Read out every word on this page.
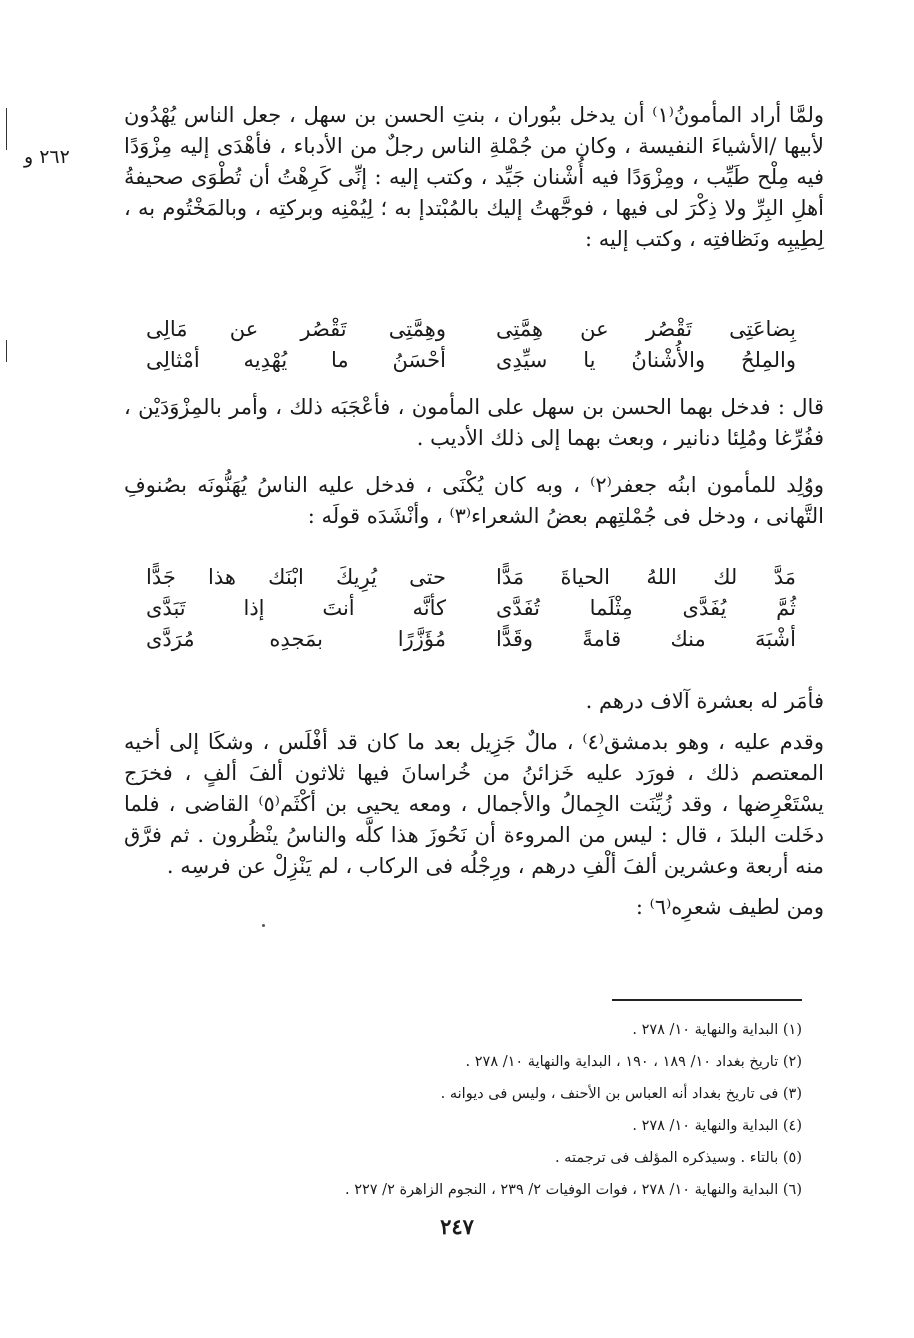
٢٦٢ و

ولمَّا أراد المأمونُ⁽١⁾ أن يدخل ببُوران ، بنتِ الحسن بن سهل ، جعل الناس يُهْدُون لأبيها /الأشياءَ النفيسة ، وكان من جُمْلةِ الناس رجلٌ من الأدباء ، فأهْدَى إليه مِزْوَدًا فيه مِلْح طَيِّب ، ومِزْوَدًا فيه أُشْنان جَيِّد ، وكتب إليه : إنِّى كَرِهْتُ أن تُطْوَى صحيفةُ أهلِ البِرِّ ولا ذِكْرَ لى فيها ، فوجَّهتُ إليك بالمُبْتدإ به ؛ لِيُمْنِه وبركتِه ، وبالمَخْتُوم به ، لِطِيبِه ونَظافتِه ، وكتب إليه :

بِضاعَتِى تَقْصُر عن هِمَّتِى
وهِمَّتِى تَقْصُر عن مَالِى
والمِلحُ والأُشْنانُ يا سيِّدِى
أحْسَنُ ما يُهْدِيه أمْثالِى

قال : فدخل بهما الحسن بن سهل على المأمون ، فأعْجَبَه ذلك ، وأمر بالمِزْوَدَيْن ، ففُرِّغا ومُلِئا دنانير ، وبعث بهما إلى ذلك الأديب .

ووُلِد للمأمون ابنُه جعفر⁽٢⁾ ، وبه كان يُكْنَى ، فدخل عليه الناسُ يُهَنُّونَه بصُنوفِ التَّهانى ، ودخل فى جُمْلتِهم بعضُ الشعراء⁽٣⁾ ، وأنْشَدَه قولَه :

مَدَّ لك اللهُ الحياةَ مَدًّا
حتى يُرِيكَ ابْنَك هذا جَدًّا
ثُمَّ يُفَدَّى مِثْلَما تُفَدَّى
كأنَّه أنتَ إذا تَبَدَّى
أشْبَهَ منك قامةً وقَدًّا
مُؤَزَّرًا بمَجدِه مُرَدَّى

فأمَر له بعشرة آلاف درهم .

وقدم عليه ، وهو بدمشق⁽٤⁾ ، مالٌ جَزِيل بعد ما كان قد أفْلَس ، وشكَا إلى أخيه المعتصم ذلك ، فورَد عليه خَزائنُ من خُراسانَ فيها ثلاثون ألفَ ألفٍ ، فخرَج يسْتَعْرِضها ، وقد زُيِّنَت الجِمالُ والأجمال ، ومعه يحيى بن أكْثَم⁽٥⁾ القاضى ، فلما دخَلت البلدَ ، قال : ليس من المروءة أن نَحُوزَ هذا كلَّه والناسُ ينْظُرون . ثم فرَّق منه أربعة وعشرين ألفَ ألْفِ درهم ، ورِجْلُه فى الركاب ، لم يَنْزِلْ عن فرسِه .

ومن لطيف شعرِه⁽٦⁾ :

(١) البداية والنهاية ١٠/ ٢٧٨ .
(٢) تاريخ بغداد ١٠/ ١٨٩ ، ١٩٠ ، البداية والنهاية ١٠/ ٢٧٨ .
(٣) فى تاريخ بغداد أنه العباس بن الأحنف ، وليس فى ديوانه .
(٤) البداية والنهاية ١٠/ ٢٧٨ .
(٥) بالتاء . وسيذكره المؤلف فى ترجمته .
(٦) البداية والنهاية ١٠/ ٢٧٨ ، فوات الوفيات ٢/ ٢٣٩ ، النجوم الزاهرة ٢/ ٢٢٧ .
٢٤٧
